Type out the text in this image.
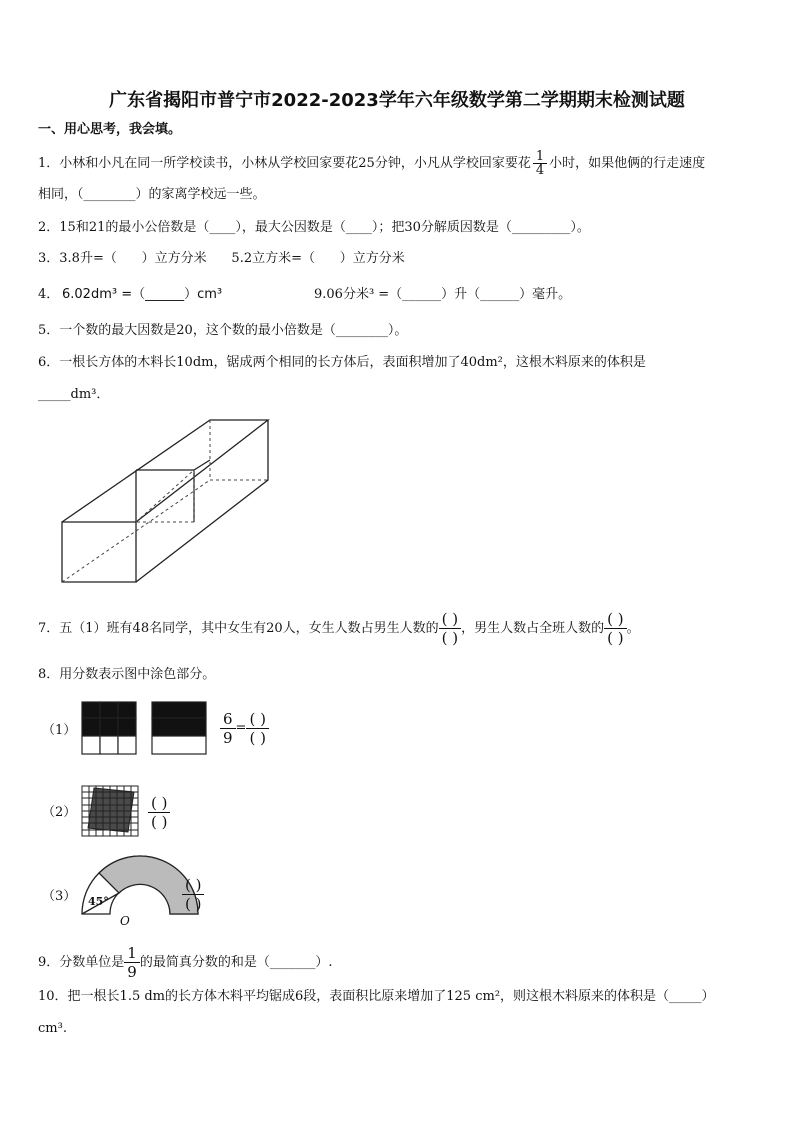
广东省揭阳市普宁市2022-2023学年六年级数学第二学期期末检测试题
一、用心思考，我会填。
1．小林和小凡在同一所学校读书，小林从学校回家要花25分钟，小凡从学校回家要花 $\frac{1}{4}$ 小时，如果他俩的行走速度
相同，（________）的家离学校远一些。
2．15和21的最小公倍数是（____），最大公因数是（____）；把30分解质因数是（_________）。
3．3.8升=（      ）立方分米      5.2立方米=（      ）立方分米
4． 6.02dm³ =（______）cm³	9.06分米³ =（______）升（______）毫升。
5．一个数的最大因数是20，这个数的最小倍数是（________）。
6．一根长方体的木料长10dm，锯成两个相同的长方体后，表面积增加了40dm²，这根木料原来的体积是
_____dm³．
7．五（1）班有48名同学，其中女生有20人，女生人数占男生人数的
( )
( )
，男生人数占全班人数的
( )
( )
。
8．用分数表示图中涂色部分。
（1）
（2）
（3）
$\frac{6}{9}$ = ( )
( )
( )
( )
( )
( )
45°
O
9．分数单位是 $\frac{1}{9}$ 的最简真分数的和是（_______）.
10．把一根长1.5 dm的长方体木料平均锯成6段，表面积比原来增加了125 cm²，则这根木料原来的体积是（_____）
cm³.
